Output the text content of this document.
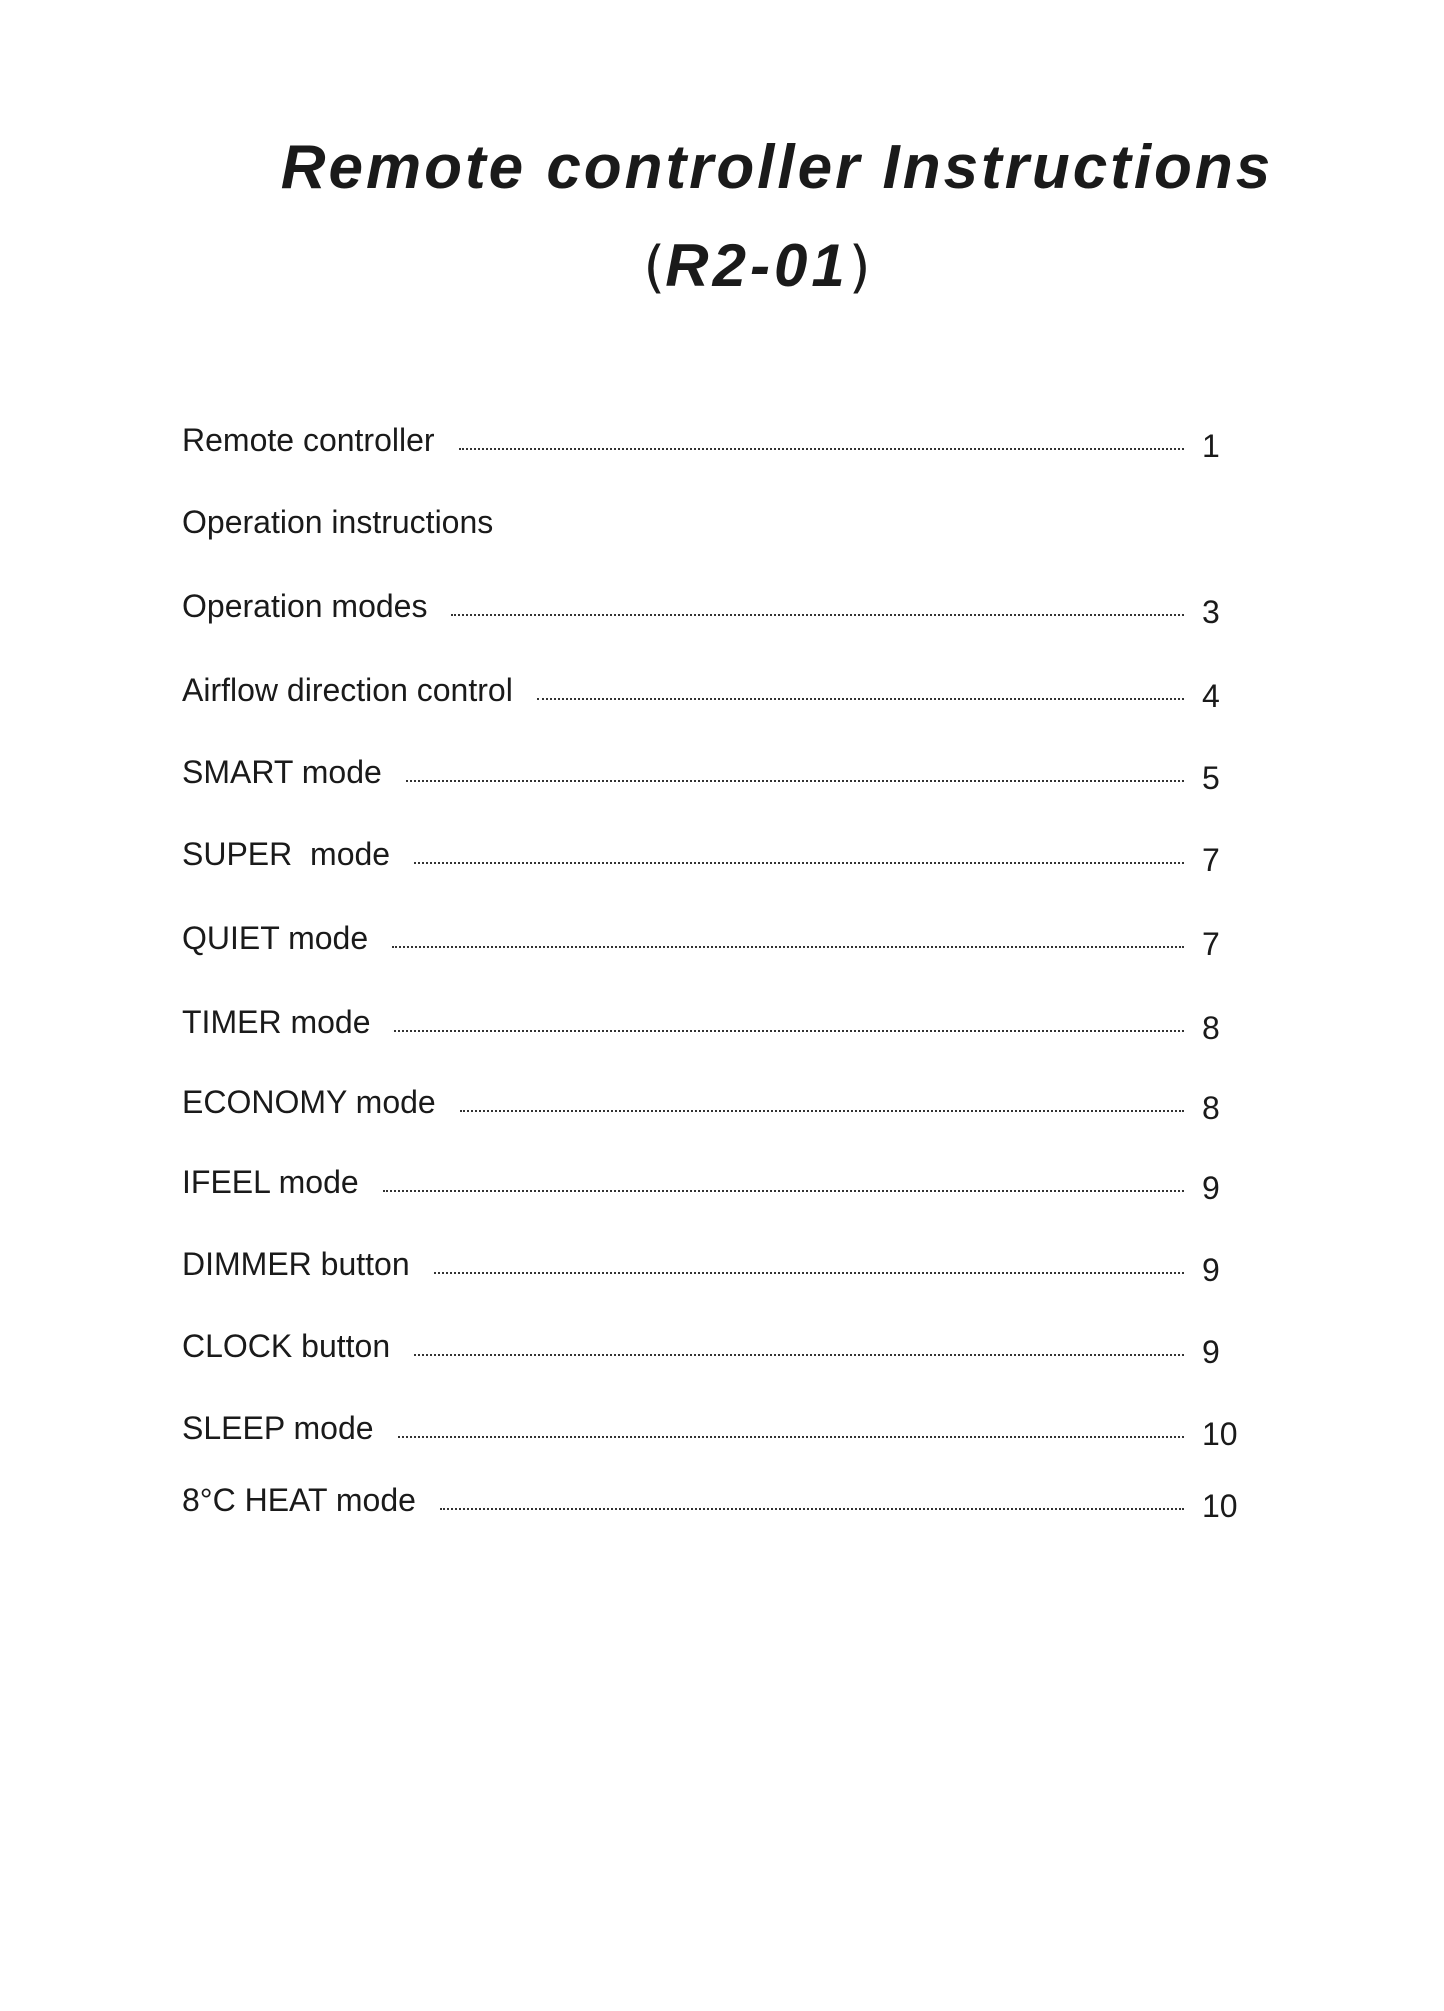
Remote controller Instructions
(R2-01)
Remote controller	1
Operation instructions
Operation modes	3
Airflow direction control	4
SMART mode	5
SUPER  mode	7
QUIET mode	7
TIMER mode	8
ECONOMY mode	8
IFEEL mode	9
DIMMER button	9
CLOCK button	9
SLEEP mode	10
8°C HEAT mode	10
